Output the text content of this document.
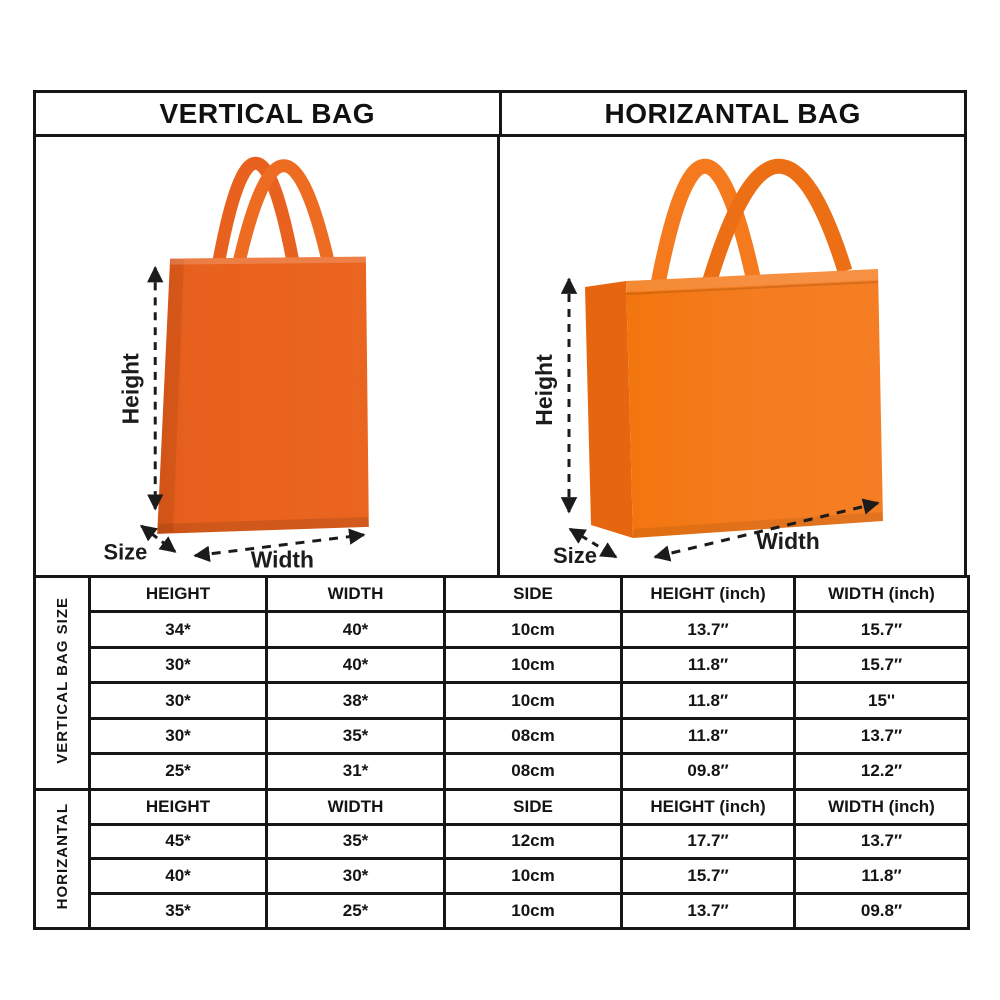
VERTICAL BAG	HORIZANTAL BAG
Height
Size	Width
Height
Size
Width
VERTICAL BAG SIZE	HEIGHT	WIDTH	SIDE	HEIGHT (inch)	WIDTH (inch)
	34*	40*	10cm	13.7″	15.7″
	30*	40*	10cm	11.8″	15.7″
	30*	38*	10cm	11.8″	15''
	30*	35*	08cm	11.8″	13.7″
	25*	31*	08cm	09.8″	12.2″
HORIZANTAL	HEIGHT	WIDTH	SIDE	HEIGHT (inch)	WIDTH (inch)
	45*	35*	12cm	17.7″	13.7″
	40*	30*	10cm	15.7″	11.8″
	35*	25*	10cm	13.7″	09.8″
